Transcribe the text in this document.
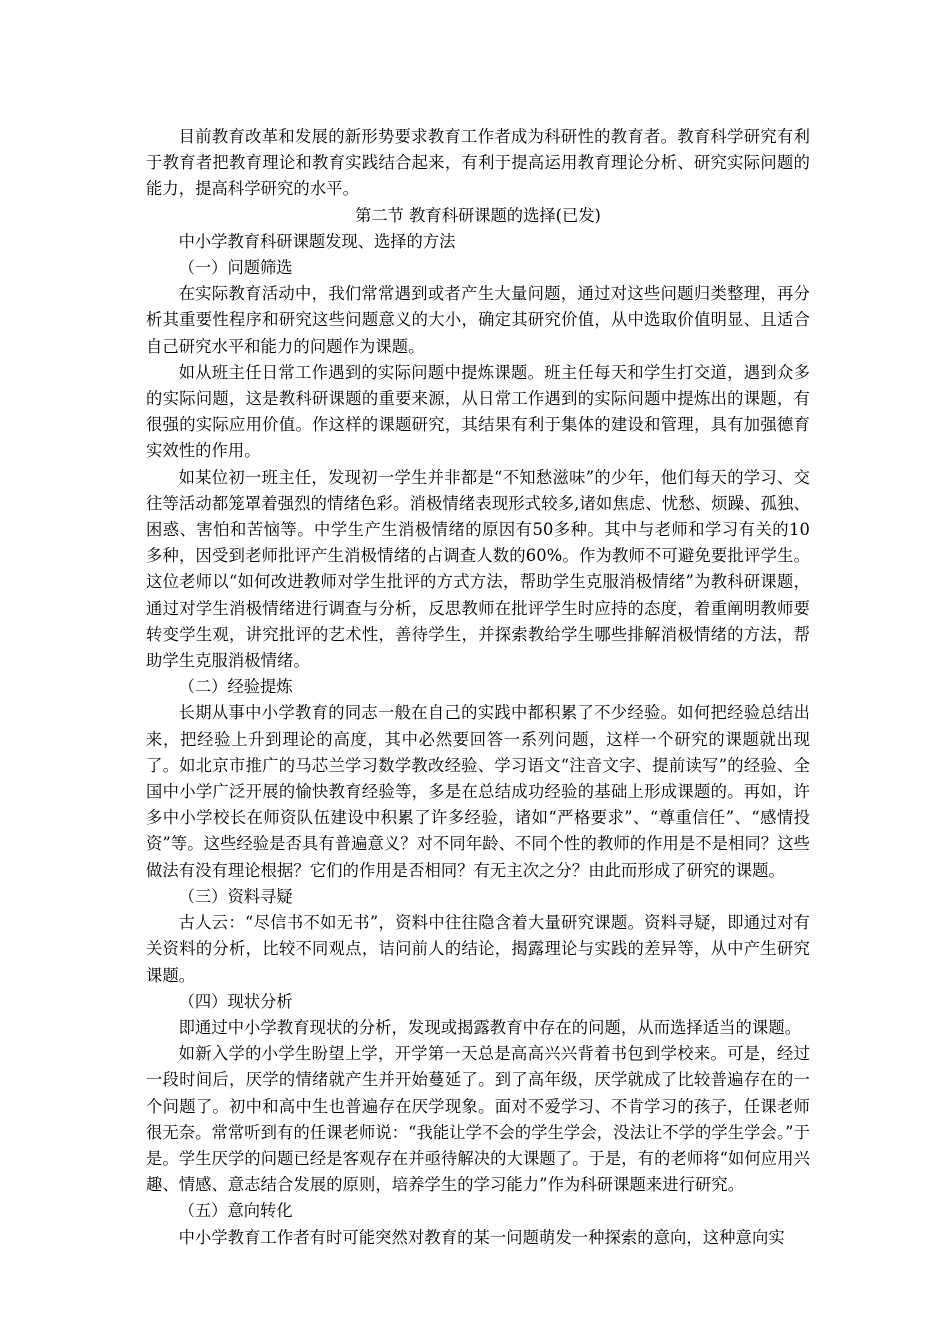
目前教育改革和发展的新形势要求教育工作者成为科研性的教育者。教育科学研究有利于教育者把教育理论和教育实践结合起来，有利于提高运用教育理论分析、研究实际问题的能力，提高科学研究的水平。

第二节 教育科研课题的选择(已发)

中小学教育科研课题发现、选择的方法

（一）问题筛选

在实际教育活动中，我们常常遇到或者产生大量问题，通过对这些问题归类整理，再分析其重要性程序和研究这些问题意义的大小，确定其研究价值，从中选取价值明显、且适合自己研究水平和能力的问题作为课题。

如从班主任日常工作遇到的实际问题中提炼课题。班主任每天和学生打交道，遇到众多的实际问题，这是教科研课题的重要来源，从日常工作遇到的实际问题中提炼出的课题，有很强的实际应用价值。作这样的课题研究，其结果有利于集体的建设和管理，具有加强德育实效性的作用。

如某位初一班主任，发现初一学生并非都是“不知愁滋味”的少年，他们每天的学习、交往等活动都笼罩着强烈的情绪色彩。消极情绪表现形式较多,诸如焦虑、忧愁、烦躁、孤独、困惑、害怕和苦恼等。中学生产生消极情绪的原因有50多种。其中与老师和学习有关的10多种，因受到老师批评产生消极情绪的占调查人数的60%。作为教师不可避免要批评学生。这位老师以“如何改进教师对学生批评的方式方法，帮助学生克服消极情绪”为教科研课题，通过对学生消极情绪进行调查与分析，反思教师在批评学生时应持的态度，着重阐明教师要转变学生观，讲究批评的艺术性，善待学生，并探索教给学生哪些排解消极情绪的方法，帮助学生克服消极情绪。

（二）经验提炼

长期从事中小学教育的同志一般在自己的实践中都积累了不少经验。如何把经验总结出来，把经验上升到理论的高度，其中必然要回答一系列问题，这样一个研究的课题就出现了。如北京市推广的马芯兰学习数学教改经验、学习语文“注音文字、提前读写”的经验、全国中小学广泛开展的愉快教育经验等，多是在总结成功经验的基础上形成课题的。再如，许多中小学校长在师资队伍建设中积累了许多经验，诸如“严格要求”、“尊重信任”、“感情投资”等。这些经验是否具有普遍意义？对不同年龄、不同个性的教师的作用是不是相同？这些做法有没有理论根据？它们的作用是否相同？有无主次之分？由此而形成了研究的课题。

（三）资料寻疑

古人云：“尽信书不如无书”，资料中往往隐含着大量研究课题。资料寻疑，即通过对有关资料的分析，比较不同观点，诘问前人的结论，揭露理论与实践的差异等，从中产生研究课题。

（四）现状分析

即通过中小学教育现状的分析，发现或揭露教育中存在的问题，从而选择适当的课题。

如新入学的小学生盼望上学，开学第一天总是高高兴兴背着书包到学校来。可是，经过一段时间后，厌学的情绪就产生并开始蔓延了。到了高年级，厌学就成了比较普遍存在的一个问题了。初中和高中生也普遍存在厌学现象。面对不爱学习、不肯学习的孩子，任课老师很无奈。常常听到有的任课老师说：“我能让学不会的学生学会，没法让不学的学生学会。”于是。学生厌学的问题已经是客观存在并亟待解决的大课题了。于是，有的老师将“如何应用兴趣、情感、意志结合发展的原则，培养学生的学习能力”作为科研课题来进行研究。

（五）意向转化

中小学教育工作者有时可能突然对教育的某一问题萌发一种探索的意向，这种意向实
